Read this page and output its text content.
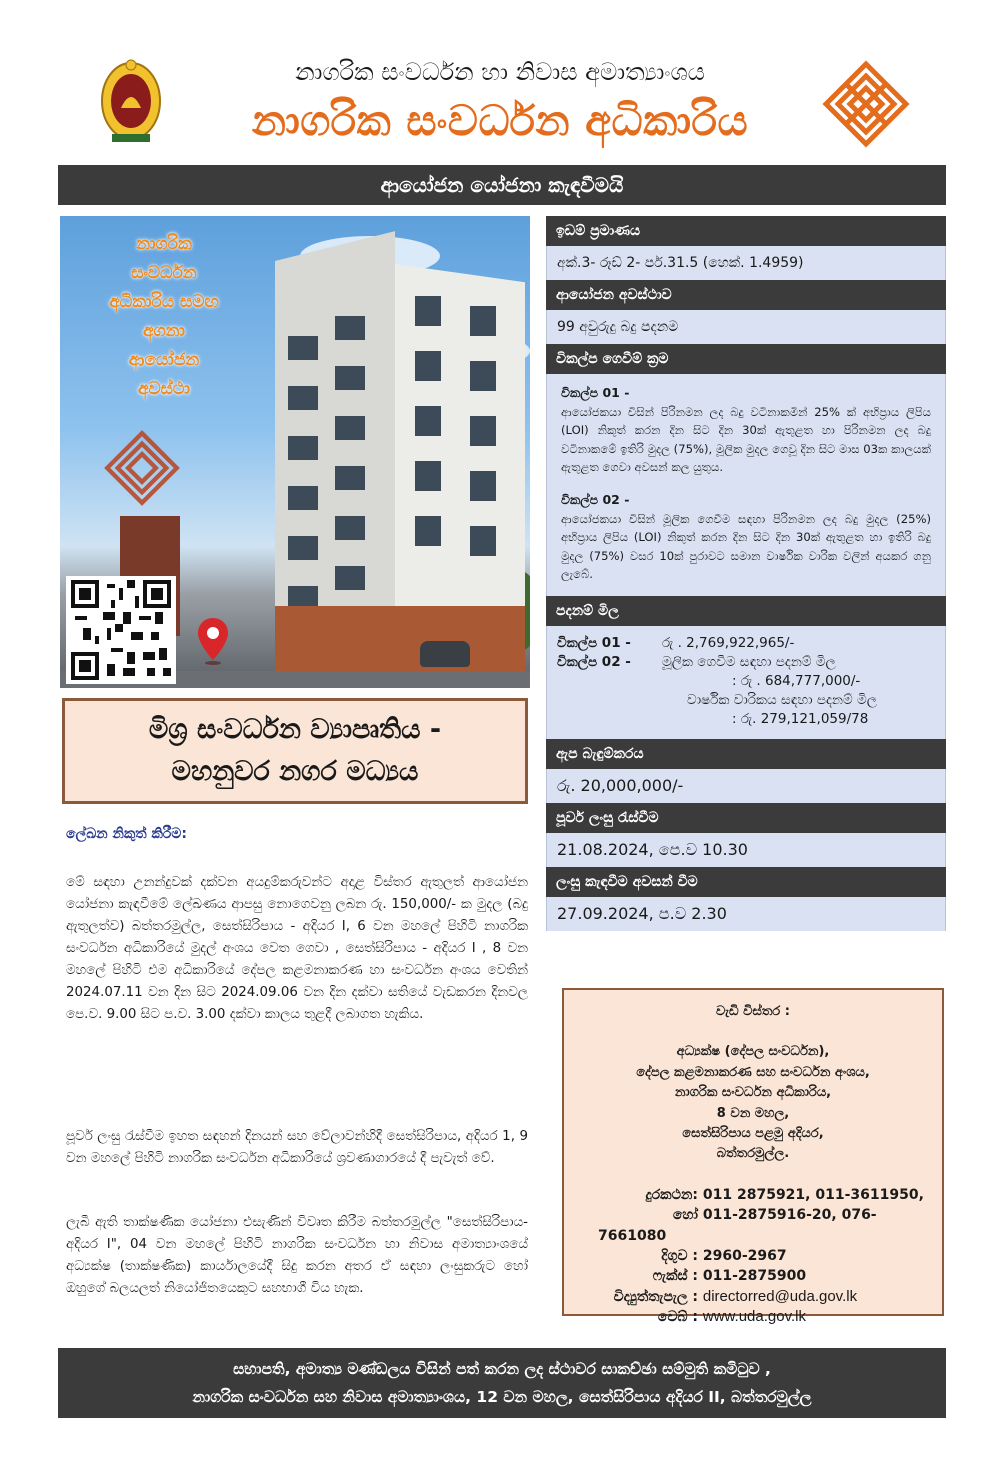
නාගරික සංවර්ධන හා නිවාස අමාත්‍යාංශය
නාගරික සංවර්ධන අධිකාරිය
ආයෝජන යෝජනා කැඳවීමයි
නාගරික
සංවර්ධන
අධිකාරිය සමඟ
අගනා
ආයෝජන
අවස්ථා
මිශ්‍ර සංවර්ධන ව්‍යාපෘතිය -
මහනුවර නගර මධ්‍යය
ලේඛන නිකුත් කිරීම:
මේ සඳහා උනන්දුවක් දක්වන අයදුම්කරුවන්ට අදාළ විස්තර ඇතුලත් ආයෝජන යෝජනා කැඳවීමේ ලේඛණය ආපසු නොගෙවනු ලබන රු. 150,000/- ක මුදල (බදු ඇතුලත්ව) බත්තරමුල්ල, සෙත්සිරිපාය - අදියර I, 6 වන මහලේ පිහිටි නාගරික සංවර්ධන අධිකාරියේ මුදල් අංශය වෙත ගෙවා , සෙත්සිරිපාය - අදියර I , 8 වන මහලේ පිහිටි එම අධිකාරියේ දේපල කළමනාකරණ හා සංවර්ධන අංශය වෙතින් 2024.07.11 වන දින සිට 2024.09.06 වන දින දක්වා සතියේ වැඩකරන දිනවල පෙ.ව. 9.00 සිට ප.ව. 3.00 දක්වා කාලය තුළදී ලබාගත හැකිය.
පූර්ව ලංසු රැස්වීම ඉහත සඳහන් දිනයන් සහ වේලාවන්හිදී සෙත්සිරිපාය, අදියර 1, 9 වන මහලේ පිහිටි නාගරික සංවර්ධන අධිකාරියේ ශ්‍රවණාගාරයේ දී පැවැත් වේ.
ලැබී ඇති තාක්ෂණික යෝජනා එසැණින් විවෘත කිරීම බත්තරමුල්ල "සෙත්සිරිපාය- අදියර I", 04 වන මහලේ පිහිටි නාගරික සංවර්ධන හා නිවාස අමාත්‍යාංශයේ අධ්‍යක්ෂ (තාක්ෂණික) කාර්යාලයේදී සිදු කරන අතර ඒ සඳහා ලංසුකරුට හෝ ඔහුගේ බලයලත් නියෝජිතයෙකුට සහභාගී විය හැක.
ඉඩම් ප්‍රමාණය
අක්.3- රූඩ් 2- පර්.31.5 (හෙක්. 1.4959)
ආයෝජන අවස්ථාව
99 අවුරුදු බදු පදනම
විකල්ප ගෙවීම් ක්‍රම
විකල්ප 01 -
ආයෝජකයා විසින් පිරිනමන ලද බදු වටිනාකමින් 25% ක් අභිප්‍රාය ලිපිය (LOI) නිකුත් කරන දින සිට දින 30ක් ඇතුළත හා පිරිනමන ලද බදු වටිනාකමේ ඉතිරි මුදල (75%), මූලික මුදල ගෙවූ දින සිට මාස 03ක කාලයක් ඇතුළත ගෙවා අවසන් කල යුතුය.
විකල්ප 02 -
ආයෝජකයා විසින් මූලික ගෙවීම සඳහා පිරිනමන ලද බදු මුදල (25%) අභිප්‍රාය ලිපිය (LOI) නිකුත් කරන දින සිට දින 30ක් ඇතුළත හා ඉතිරි බදු මුදල (75%) වසර 10ක් පුරාවට සමාන වාර්ෂික වාරික වලින් අයකර ගනු ලැබේ.
පදනම් මිල
විකල්ප 01 -	රු . 2,769,922,965/-
විකල්ප 02 -	මූලික ගෙවීම සඳහා පදනම් මිල
: රු . 684,777,000/-
වාර්ෂික වාරිකය සඳහා පදනම් මිල
: රු. 279,121,059/78
ඇප බැඳුම්කරය
රු. 20,000,000/-
පූර්ව ලංසු රැස්වීම
21.08.2024, පෙ.ව 10.30
ලංසු කැඳවීම අවසන් වීම
27.09.2024, ප.ව 2.30
වැඩි විස්තර :
අධ්‍යක්ෂ (දේපල සංවර්ධන),
දේපල කළමනාකරණ සහ සංවර්ධන අංශය,
නාගරික සංවර්ධන අධිකාරිය,
8 වන මහල,
සෙත්සිරිපාය පළමු අදියර,
බත්තරමුල්ල.
දුරකථන: 011 2875921, 011-3611950,
හෝ 011-2875916-20, 076-7661080
දිගුව : 2960-2967
ෆැක්ස් : 011-2875900
විද්‍යුත්තැපැල : directorred@uda.gov.lk
වෙබ් : www.uda.gov.lk
සභාපති, අමාත්‍ය මණ්ඩලය විසින් පත් කරන ලද ස්ථාවර සාකච්ඡා සම්මුති කමිටුව ,
නාගරික සංවර්ධන සහ නිවාස අමාත්‍යාංශය, 12 වන මහල, සෙත්සිරිපාය අදියර II, බත්තරමුල්ල
